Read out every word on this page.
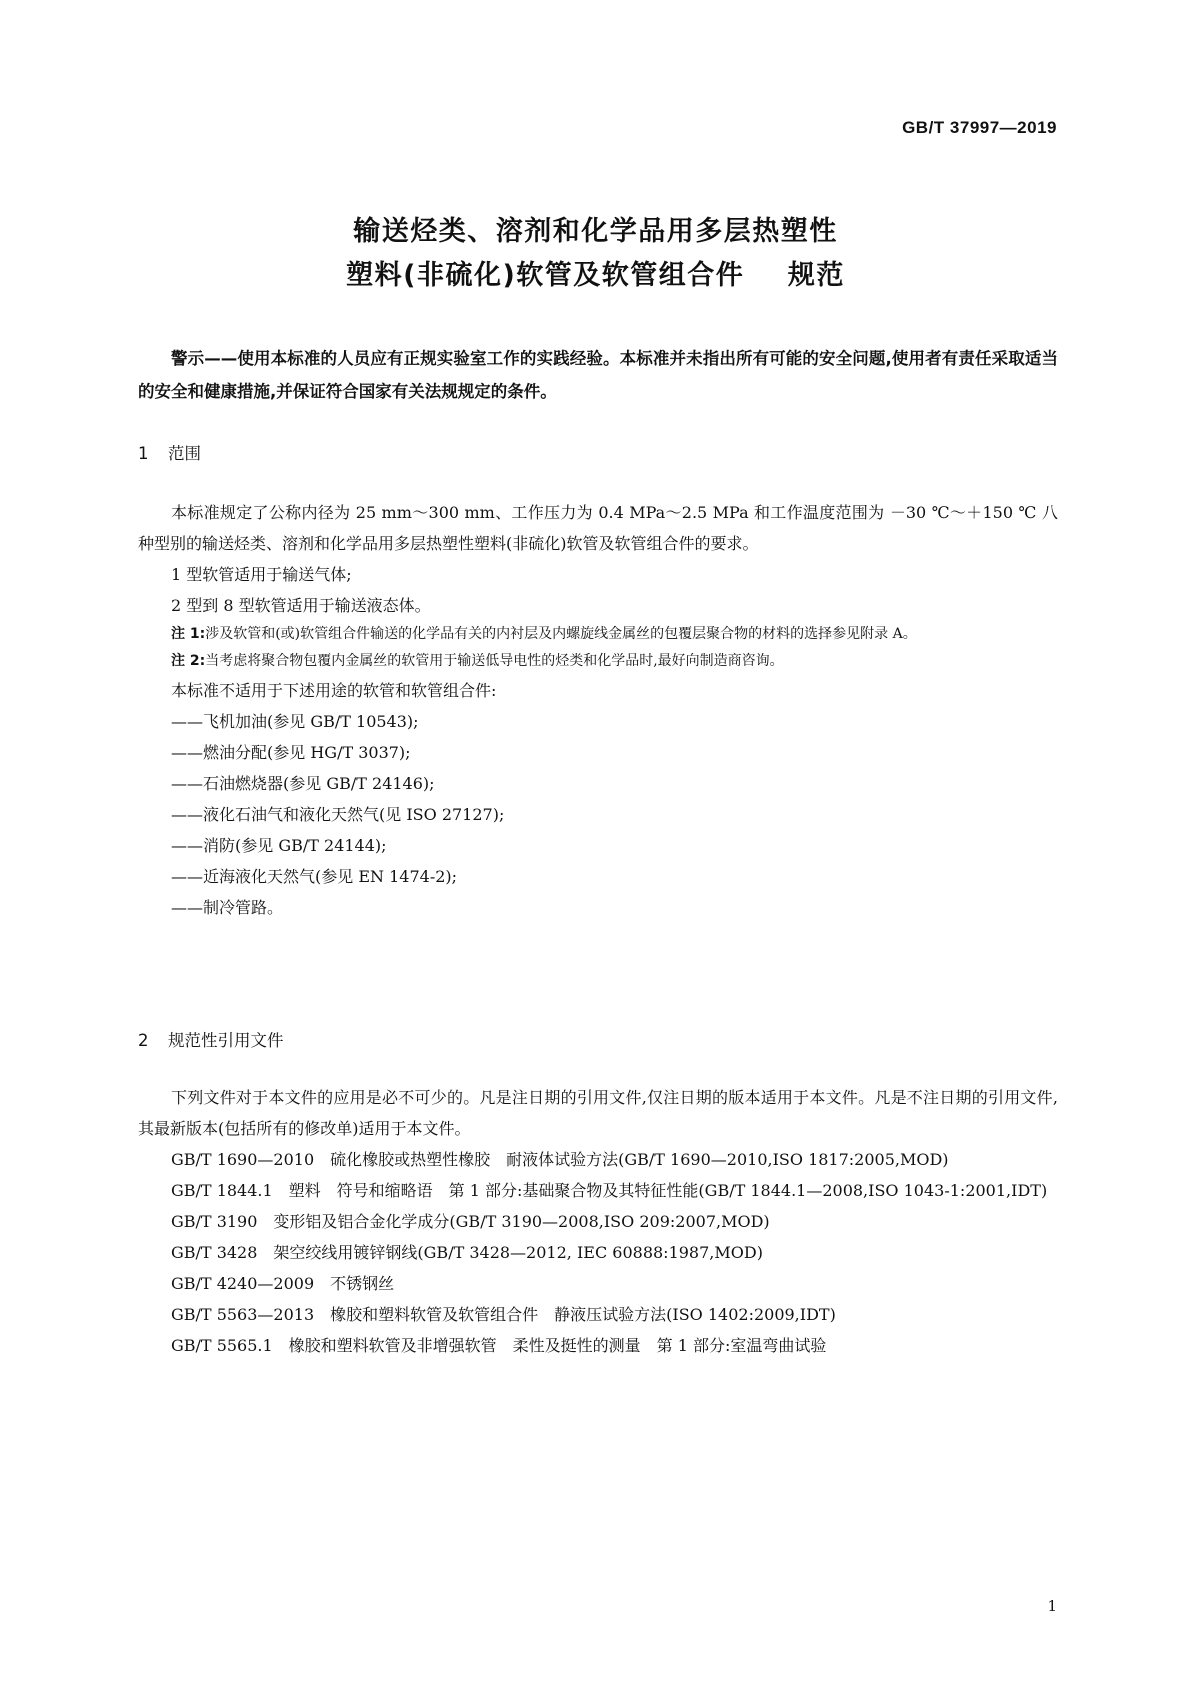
GB/T 37997—2019
输送烃类、溶剂和化学品用多层热塑性
塑料(非硫化)软管及软管组合件    规范
警示——使用本标准的人员应有正规实验室工作的实践经验。本标准并未指出所有可能的安全问题,使用者有责任采取适当的安全和健康措施,并保证符合国家有关法规规定的条件。
1 范围
本标准规定了公称内径为 25 mm～300 mm、工作压力为 0.4 MPa～2.5 MPa 和工作温度范围为 －30 ℃～＋150 ℃ 八种型别的输送烃类、溶剂和化学品用多层热塑性塑料(非硫化)软管及软管组合件的要求。
1 型软管适用于输送气体;
2 型到 8 型软管适用于输送液态体。
注 1:涉及软管和(或)软管组合件输送的化学品有关的内衬层及内螺旋线金属丝的包覆层聚合物的材料的选择参见附录 A。
注 2:当考虑将聚合物包覆内金属丝的软管用于输送低导电性的烃类和化学品时,最好向制造商咨询。
本标准不适用于下述用途的软管和软管组合件:
——飞机加油(参见 GB/T 10543);
——燃油分配(参见 HG/T 3037);
——石油燃烧器(参见 GB/T 24146);
——液化石油气和液化天然气(见 ISO 27127);
——消防(参见 GB/T 24144);
——近海液化天然气(参见 EN 1474-2);
——制冷管路。
2 规范性引用文件
下列文件对于本文件的应用是必不可少的。凡是注日期的引用文件,仅注日期的版本适用于本文件。凡是不注日期的引用文件,其最新版本(包括所有的修改单)适用于本文件。
GB/T 1690—2010　硫化橡胶或热塑性橡胶　耐液体试验方法(GB/T 1690—2010,ISO 1817:2005,MOD)
GB/T 1844.1　塑料　符号和缩略语　第 1 部分:基础聚合物及其特征性能(GB/T 1844.1—2008,ISO 1043-1:2001,IDT)
GB/T 3190　变形铝及铝合金化学成分(GB/T 3190—2008,ISO 209:2007,MOD)
GB/T 3428　架空绞线用镀锌钢线(GB/T 3428—2012, IEC 60888:1987,MOD)
GB/T 4240—2009　不锈钢丝
GB/T 5563—2013　橡胶和塑料软管及软管组合件　静液压试验方法(ISO 1402:2009,IDT)
GB/T 5565.1　橡胶和塑料软管及非增强软管　柔性及挺性的测量　第 1 部分:室温弯曲试验
1
